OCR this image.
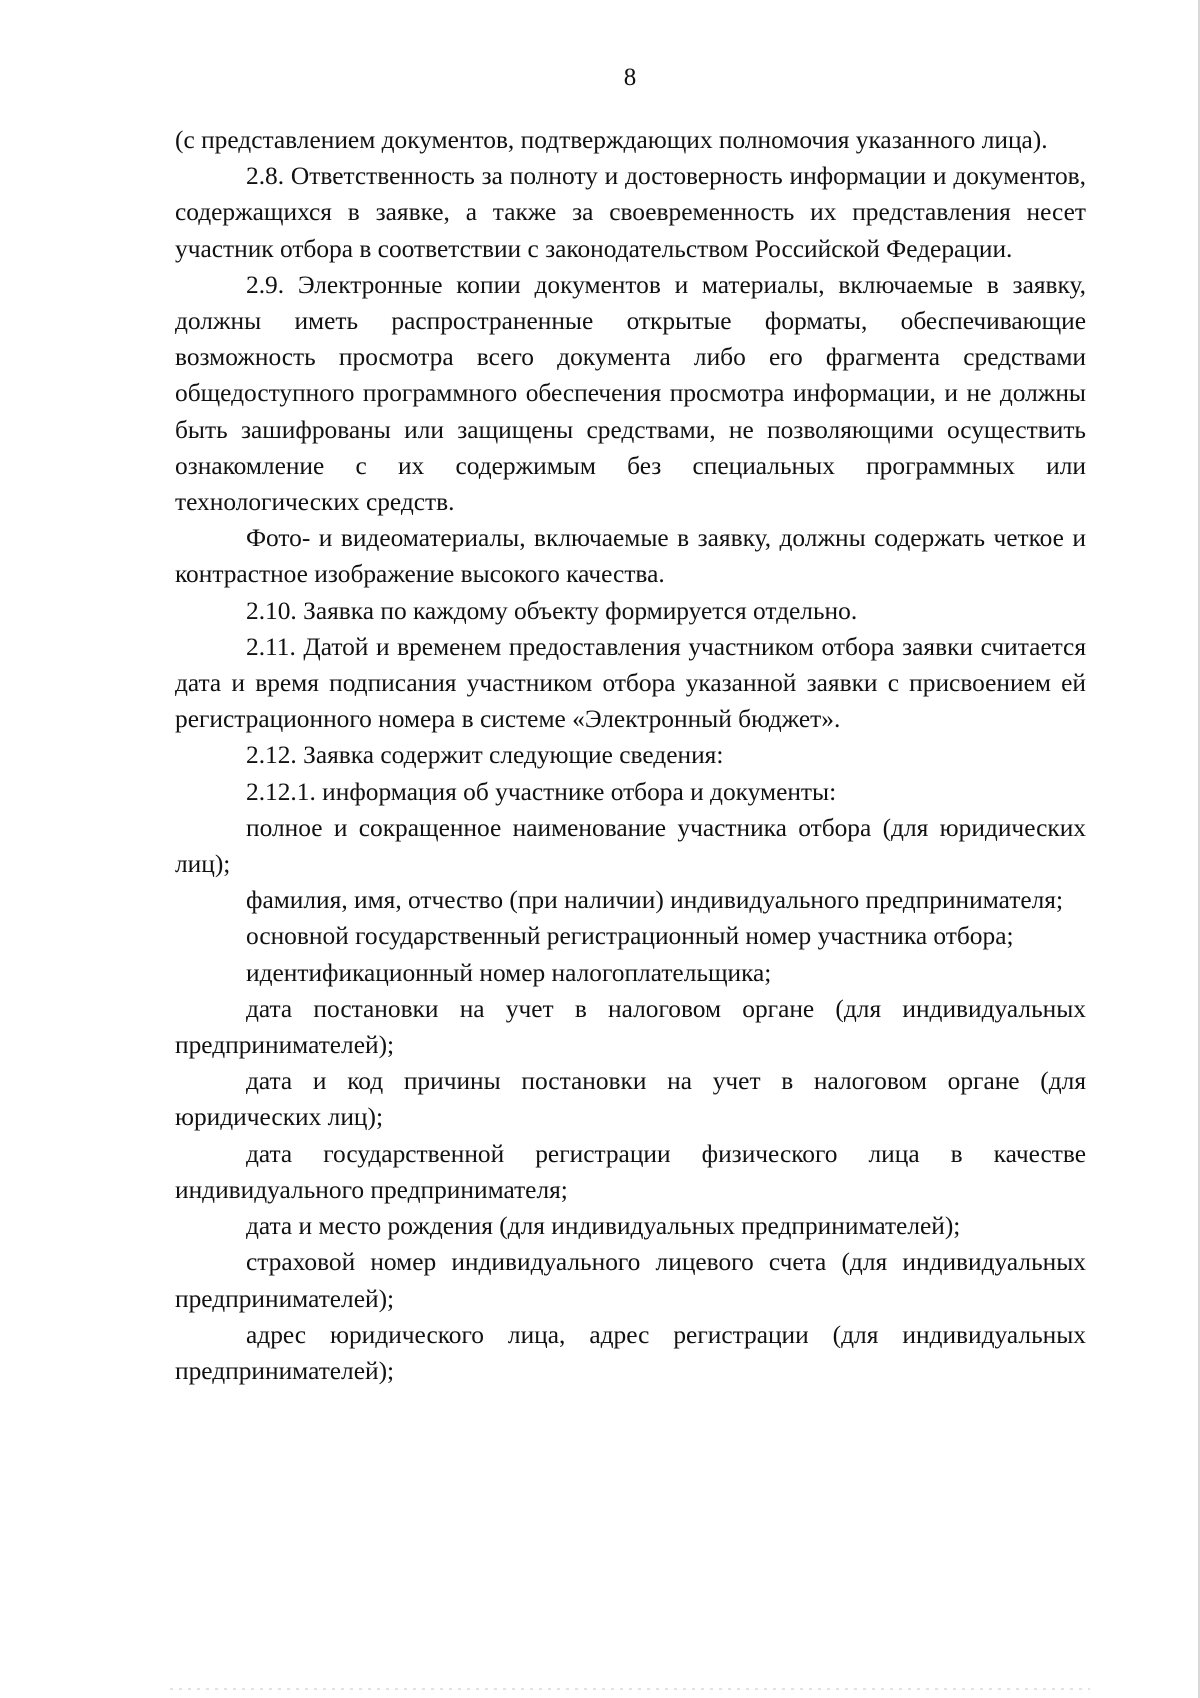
8

(с представлением документов, подтверждающих полномочия указанного лица).

2.8. Ответственность за полноту и достоверность информации и документов, содержащихся в заявке, а также за своевременность их представления несет участник отбора в соответствии с законодательством Российской Федерации.

2.9. Электронные копии документов и материалы, включаемые в заявку, должны иметь распространенные открытые форматы, обеспечивающие возможность просмотра всего документа либо его фрагмента средствами общедоступного программного обеспечения просмотра информации, и не должны быть зашифрованы или защищены средствами, не позволяющими осуществить ознакомление с их содержимым без специальных программных или технологических средств.

Фото- и видеоматериалы, включаемые в заявку, должны содержать четкое и контрастное изображение высокого качества.

2.10. Заявка по каждому объекту формируется отдельно.

2.11. Датой и временем предоставления участником отбора заявки считается дата и время подписания участником отбора указанной заявки с присвоением ей регистрационного номера в системе «Электронный бюджет».

2.12. Заявка содержит следующие сведения:

2.12.1. информация об участнике отбора и документы:

полное и сокращенное наименование участника отбора (для юридических лиц);

фамилия, имя, отчество (при наличии) индивидуального предпринимателя;

основной государственный регистрационный номер участника отбора;

идентификационный номер налогоплательщика;

дата постановки на учет в налоговом органе (для индивидуальных предпринимателей);

дата и код причины постановки на учет в налоговом органе (для юридических лиц);

дата государственной регистрации физического лица в качестве индивидуального предпринимателя;

дата и место рождения (для индивидуальных предпринимателей);

страховой номер индивидуального лицевого счета (для индивидуальных предпринимателей);

адрес юридического лица, адрес регистрации (для индивидуальных предпринимателей);
